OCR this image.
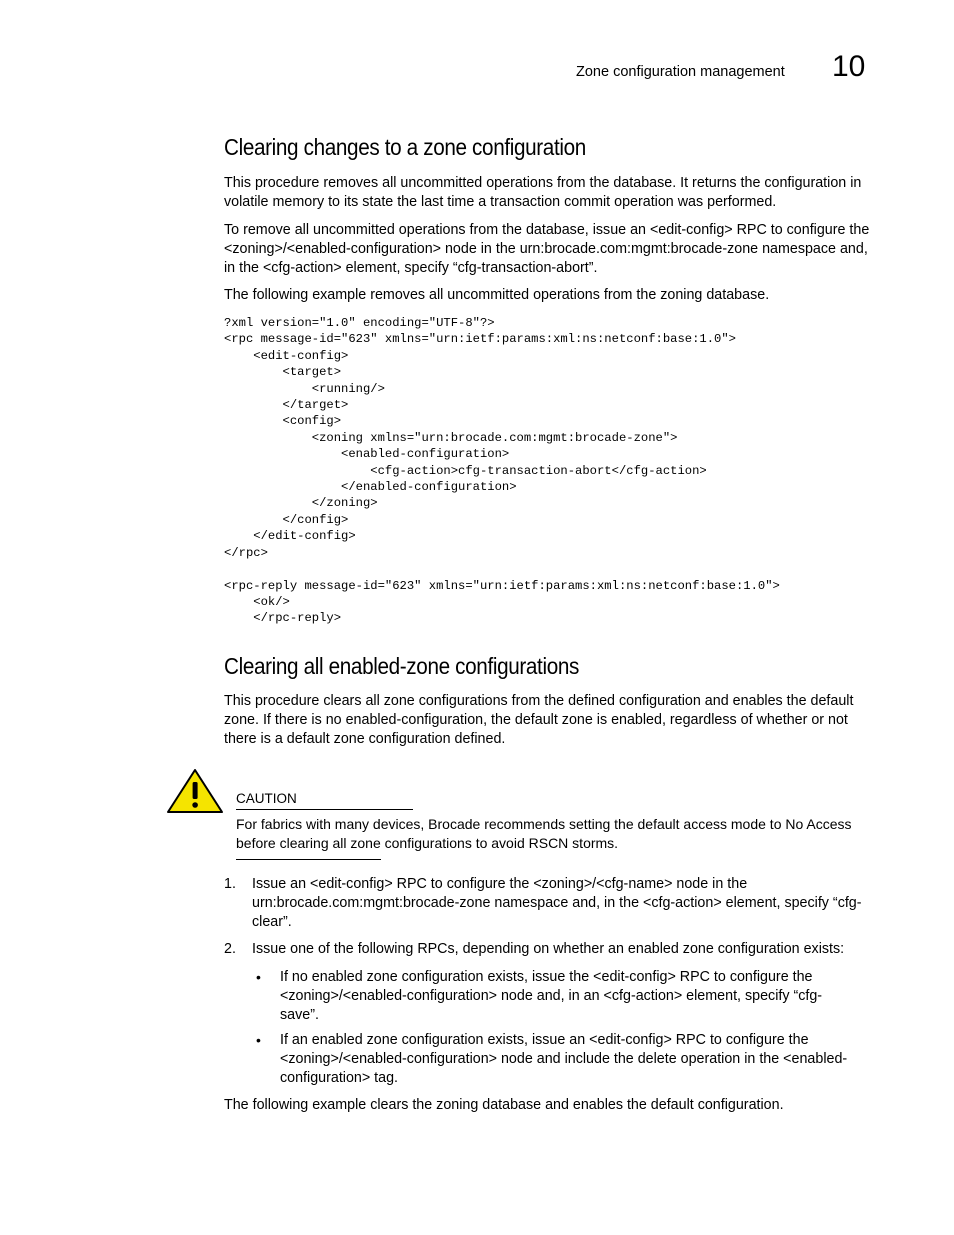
Zone configuration management 10
Clearing changes to a zone configuration
This procedure removes all uncommitted operations from the database. It returns the configuration in volatile memory to its state the last time a transaction commit operation was performed.
To remove all uncommitted operations from the database, issue an <edit-config> RPC to configure the <zoning>/<enabled-configuration> node in the urn:brocade.com:mgmt:brocade-zone namespace and, in the <cfg-action> element, specify “cfg-transaction-abort”.
The following example removes all uncommitted operations from the zoning database.
?xml version="1.0" encoding="UTF-8"?>
<rpc message-id="623" xmlns="urn:ietf:params:xml:ns:netconf:base:1.0">
<edit-config>
<target>
<running/>
</target>
<config>
<zoning xmlns="urn:brocade.com:mgmt:brocade-zone">
<enabled-configuration>
<cfg-action>cfg-transaction-abort</cfg-action>
</enabled-configuration>
</zoning>
</config>
</edit-config>
</rpc>

<rpc-reply message-id="623" xmlns="urn:ietf:params:xml:ns:netconf:base:1.0">
<ok/>
</rpc-reply>
Clearing all enabled-zone configurations
This procedure clears all zone configurations from the defined configuration and enables the default zone. If there is no enabled-configuration, the default zone is enabled, regardless of whether or not there is a default zone configuration defined.
CAUTION
For fabrics with many devices, Brocade recommends setting the default access mode to No Access before clearing all zone configurations to avoid RSCN storms.
1. Issue an <edit-config> RPC to configure the <zoning>/<cfg-name> node in the urn:brocade.com:mgmt:brocade-zone namespace and, in the <cfg-action> element, specify “cfg-clear”.
2. Issue one of the following RPCs, depending on whether an enabled zone configuration exists:
• If no enabled zone configuration exists, issue the <edit-config> RPC to configure the <zoning>/<enabled-configuration> node and, in an <cfg-action> element, specify “cfg-save”.
• If an enabled zone configuration exists, issue an <edit-config> RPC to configure the <zoning>/<enabled-configuration> node and include the delete operation in the <enabled-configuration> tag.
The following example clears the zoning database and enables the default configuration.
